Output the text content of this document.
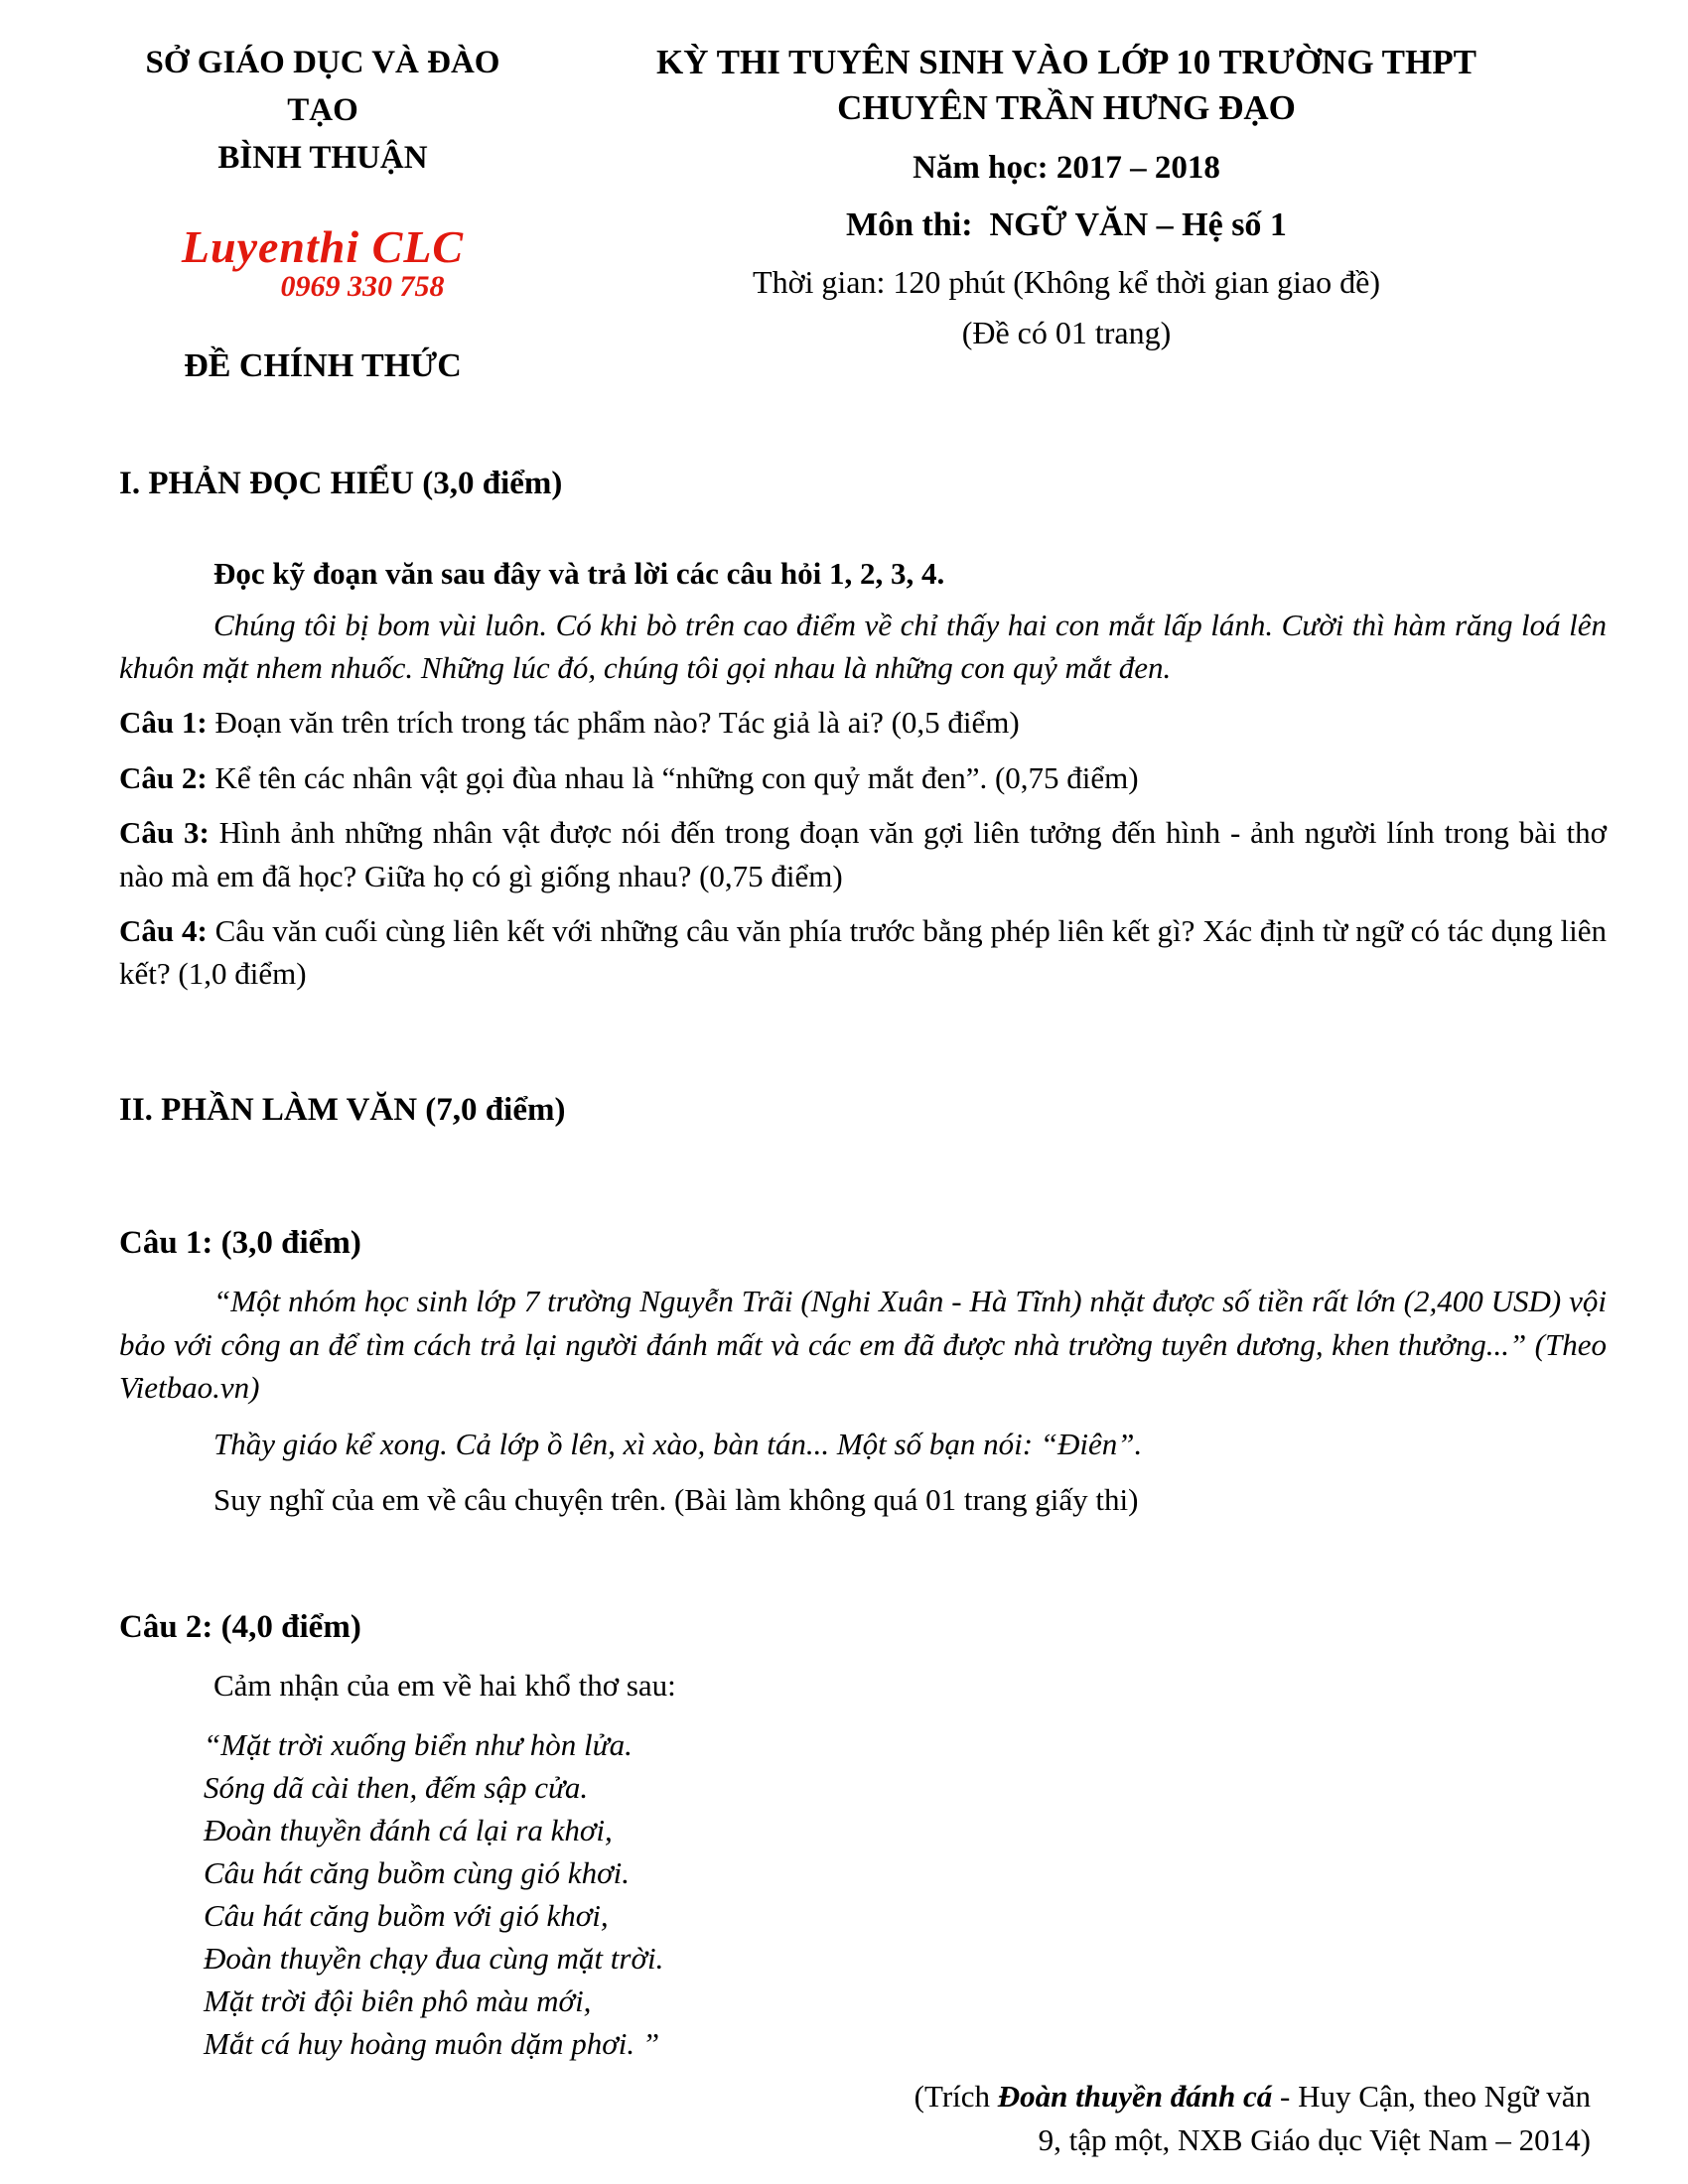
SỞ GIÁO DỤC VÀ ĐÀO TẠO
BÌNH THUẬN
Luyenthi CLC
0969 330 758
ĐỀ CHÍNH THỨC
KỲ THI TUYÊN SINH VÀO LỚP 10 TRƯỜNG THPT
CHUYÊN TRẦN HƯNG ĐẠO
Năm học: 2017 – 2018
Môn thi:  NGỮ VĂN – Hệ số 1
Thời gian: 120 phút (Không kể thời gian giao đề)
(Đề có 01 trang)
I. PHẢN ĐỌC HIỂU (3,0 điểm)
Đọc kỹ đoạn văn sau đây và trả lời các câu hỏi 1, 2, 3, 4.
Chúng tôi bị bom vùi luôn. Có khi bò trên cao điểm về chỉ thấy hai con mắt lấp lánh. Cười thì hàm răng loá lên khuôn mặt nhem nhuốc. Những lúc đó, chúng tôi gọi nhau là những con quỷ mắt đen.
Câu 1: Đoạn văn trên trích trong tác phẩm nào? Tác giả là ai? (0,5 điểm)
Câu 2: Kể tên các nhân vật gọi đùa nhau là “những con quỷ mắt đen”. (0,75 điểm)
Câu 3: Hình ảnh những nhân vật được nói đến trong đoạn văn gợi liên tưởng đến hình - ảnh người lính trong bài thơ nào mà em đã học? Giữa họ có gì giống nhau? (0,75 điểm)
Câu 4: Câu văn cuối cùng liên kết với những câu văn phía trước bằng phép liên kết gì? Xác định từ ngữ có tác dụng liên kết? (1,0 điểm)
II. PHẦN LÀM VĂN (7,0 điểm)
Câu 1: (3,0 điểm)
“Một nhóm học sinh lớp 7 trường Nguyễn Trãi (Nghi Xuân - Hà Tĩnh) nhặt được số tiền rất lớn (2,400 USD) vội bảo với công an để tìm cách trả lại người đánh mất và các em đã được nhà trường tuyên dương, khen thưởng...” (Theo Vietbao.vn)
Thầy giáo kể xong. Cả lớp ồ lên, xì xào, bàn tán... Một số bạn nói: “Điên”.
Suy nghĩ của em về câu chuyện trên. (Bài làm không quá 01 trang giấy thi)
Câu 2: (4,0 điểm)
Cảm nhận của em về hai khổ thơ sau:
“Mặt trời xuống biển như hòn lửa.
Sóng dã cài then, đếm sập cửa.
Đoàn thuyền đánh cá lại ra khơi,
Câu hát căng buồm cùng gió khơi.
Câu hát căng buồm với gió khơi,
Đoàn thuyền chạy đua cùng mặt trời.
Mặt trời đội biên phô màu mới,
Mắt cá huy hoàng muôn dặm phơi. ”
(Trích Đoàn thuyền đánh cá - Huy Cận, theo Ngữ văn
9, tập một, NXB Giáo dục Việt Nam – 2014)
